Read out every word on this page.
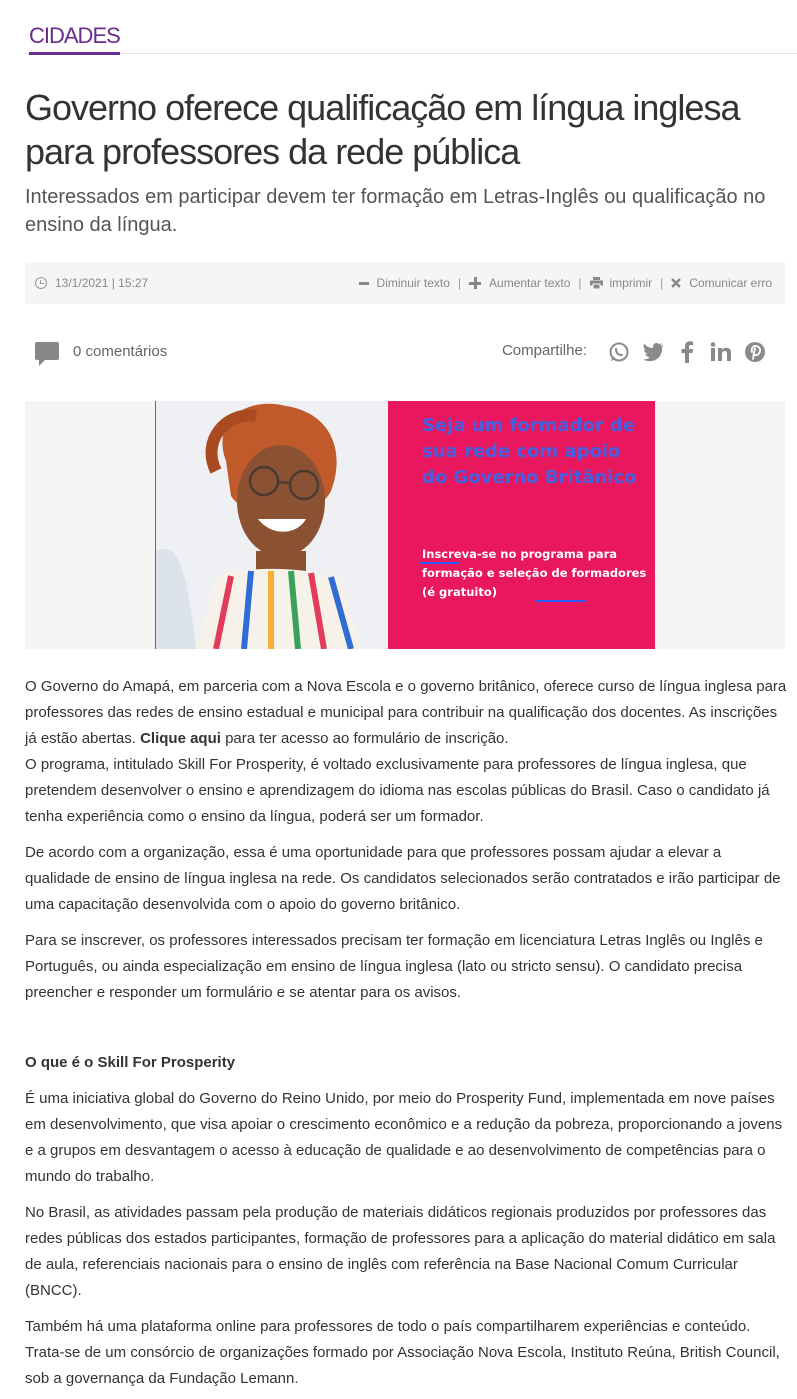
CIDADES
Governo oferece qualificação em língua inglesa para professores da rede pública
Interessados em participar devem ter formação em Letras-Inglês ou qualificação no ensino da língua.
13/1/2021 | 15:27	Diminuir texto | Aumentar texto | imprimir | Comunicar erro
0 comentários	Compartilhe:
Seja um formador de sua rede com apoio do Governo Britânico
Inscreva-se no programa para formação e seleção de formadores (é gratuito)

O Governo do Amapá, em parceria com a Nova Escola e o governo britânico, oferece curso de língua inglesa para professores das redes de ensino estadual e municipal para contribuir na qualificação dos docentes. As inscrições já estão abertas. Clique aqui para ter acesso ao formulário de inscrição.

O programa, intitulado Skill For Prosperity, é voltado exclusivamente para professores de língua inglesa, que pretendem desenvolver o ensino e aprendizagem do idioma nas escolas públicas do Brasil. Caso o candidato já tenha experiência como o ensino da língua, poderá ser um formador.

De acordo com a organização, essa é uma oportunidade para que professores possam ajudar a elevar a qualidade de ensino de língua inglesa na rede. Os candidatos selecionados serão contratados e irão participar de uma capacitação desenvolvida com o apoio do governo britânico.

Para se inscrever, os professores interessados precisam ter formação em licenciatura Letras Inglês ou Inglês e Português, ou ainda especialização em ensino de língua inglesa (lato ou stricto sensu). O candidato precisa preencher e responder um formulário e se atentar para os avisos.

O que é o Skill For Prosperity

É uma iniciativa global do Governo do Reino Unido, por meio do Prosperity Fund, implementada em nove países em desenvolvimento, que visa apoiar o crescimento econômico e a redução da pobreza, proporcionando a jovens e a grupos em desvantagem o acesso à educação de qualidade e ao desenvolvimento de competências para o mundo do trabalho.

No Brasil, as atividades passam pela produção de materiais didáticos regionais produzidos por professores das redes públicas dos estados participantes, formação de professores para a aplicação do material didático em sala de aula, referenciais nacionais para o ensino de inglês com referência na Base Nacional Comum Curricular (BNCC).

Também há uma plataforma online para professores de todo o país compartilharem experiências e conteúdo. Trata-se de um consórcio de organizações formado por Associação Nova Escola, Instituto Reúna, British Council, sob a governança da Fundação Lemann.
